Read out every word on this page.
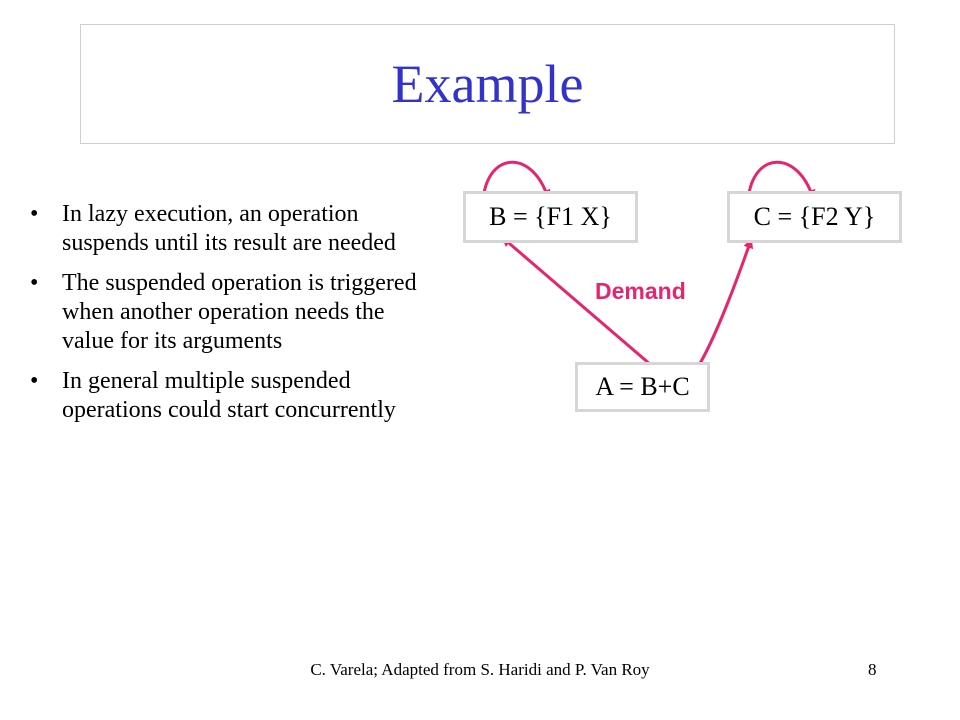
Example
• In lazy execution, an operation suspends until its result are needed
• The suspended operation is triggered when another operation needs the value for its arguments
• In general multiple suspended operations could start concurrently
B = {F1 X}	C = {F2 Y}
A = B+C
Demand
C. Varela; Adapted from S. Haridi and P. Van Roy	8
